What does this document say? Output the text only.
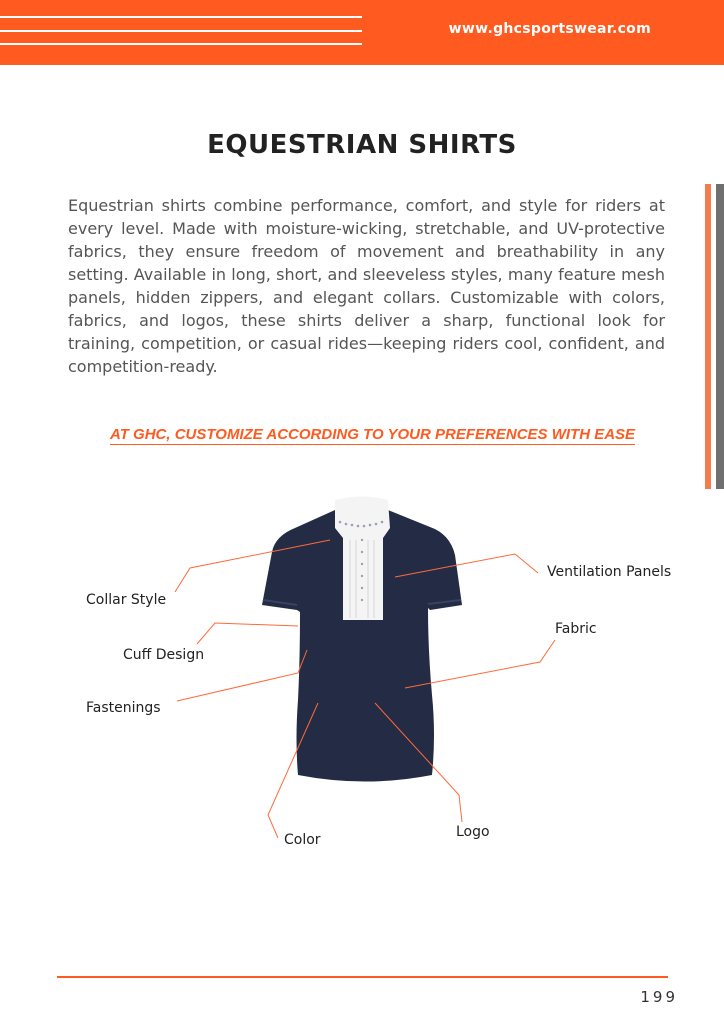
www.ghcsportswear.com
EQUESTRIAN SHIRTS
Equestrian shirts combine performance, comfort, and style for riders at every level. Made with moisture-wicking, stretchable, and UV-protective fabrics, they ensure freedom of movement and breathability in any setting. Available in long, short, and sleeveless styles, many feature mesh panels, hidden zippers, and elegant collars. Customizable with colors, fabrics, and logos, these shirts deliver a sharp, functional look for training, competition, or casual rides—keeping riders cool, confident, and competition-ready.
AT GHC, CUSTOMIZE ACCORDING TO YOUR PREFERENCES WITH EASE
Collar Style
Cuff Design
Fastenings
Color	Logo
Fabric
Ventilation Panels
199
